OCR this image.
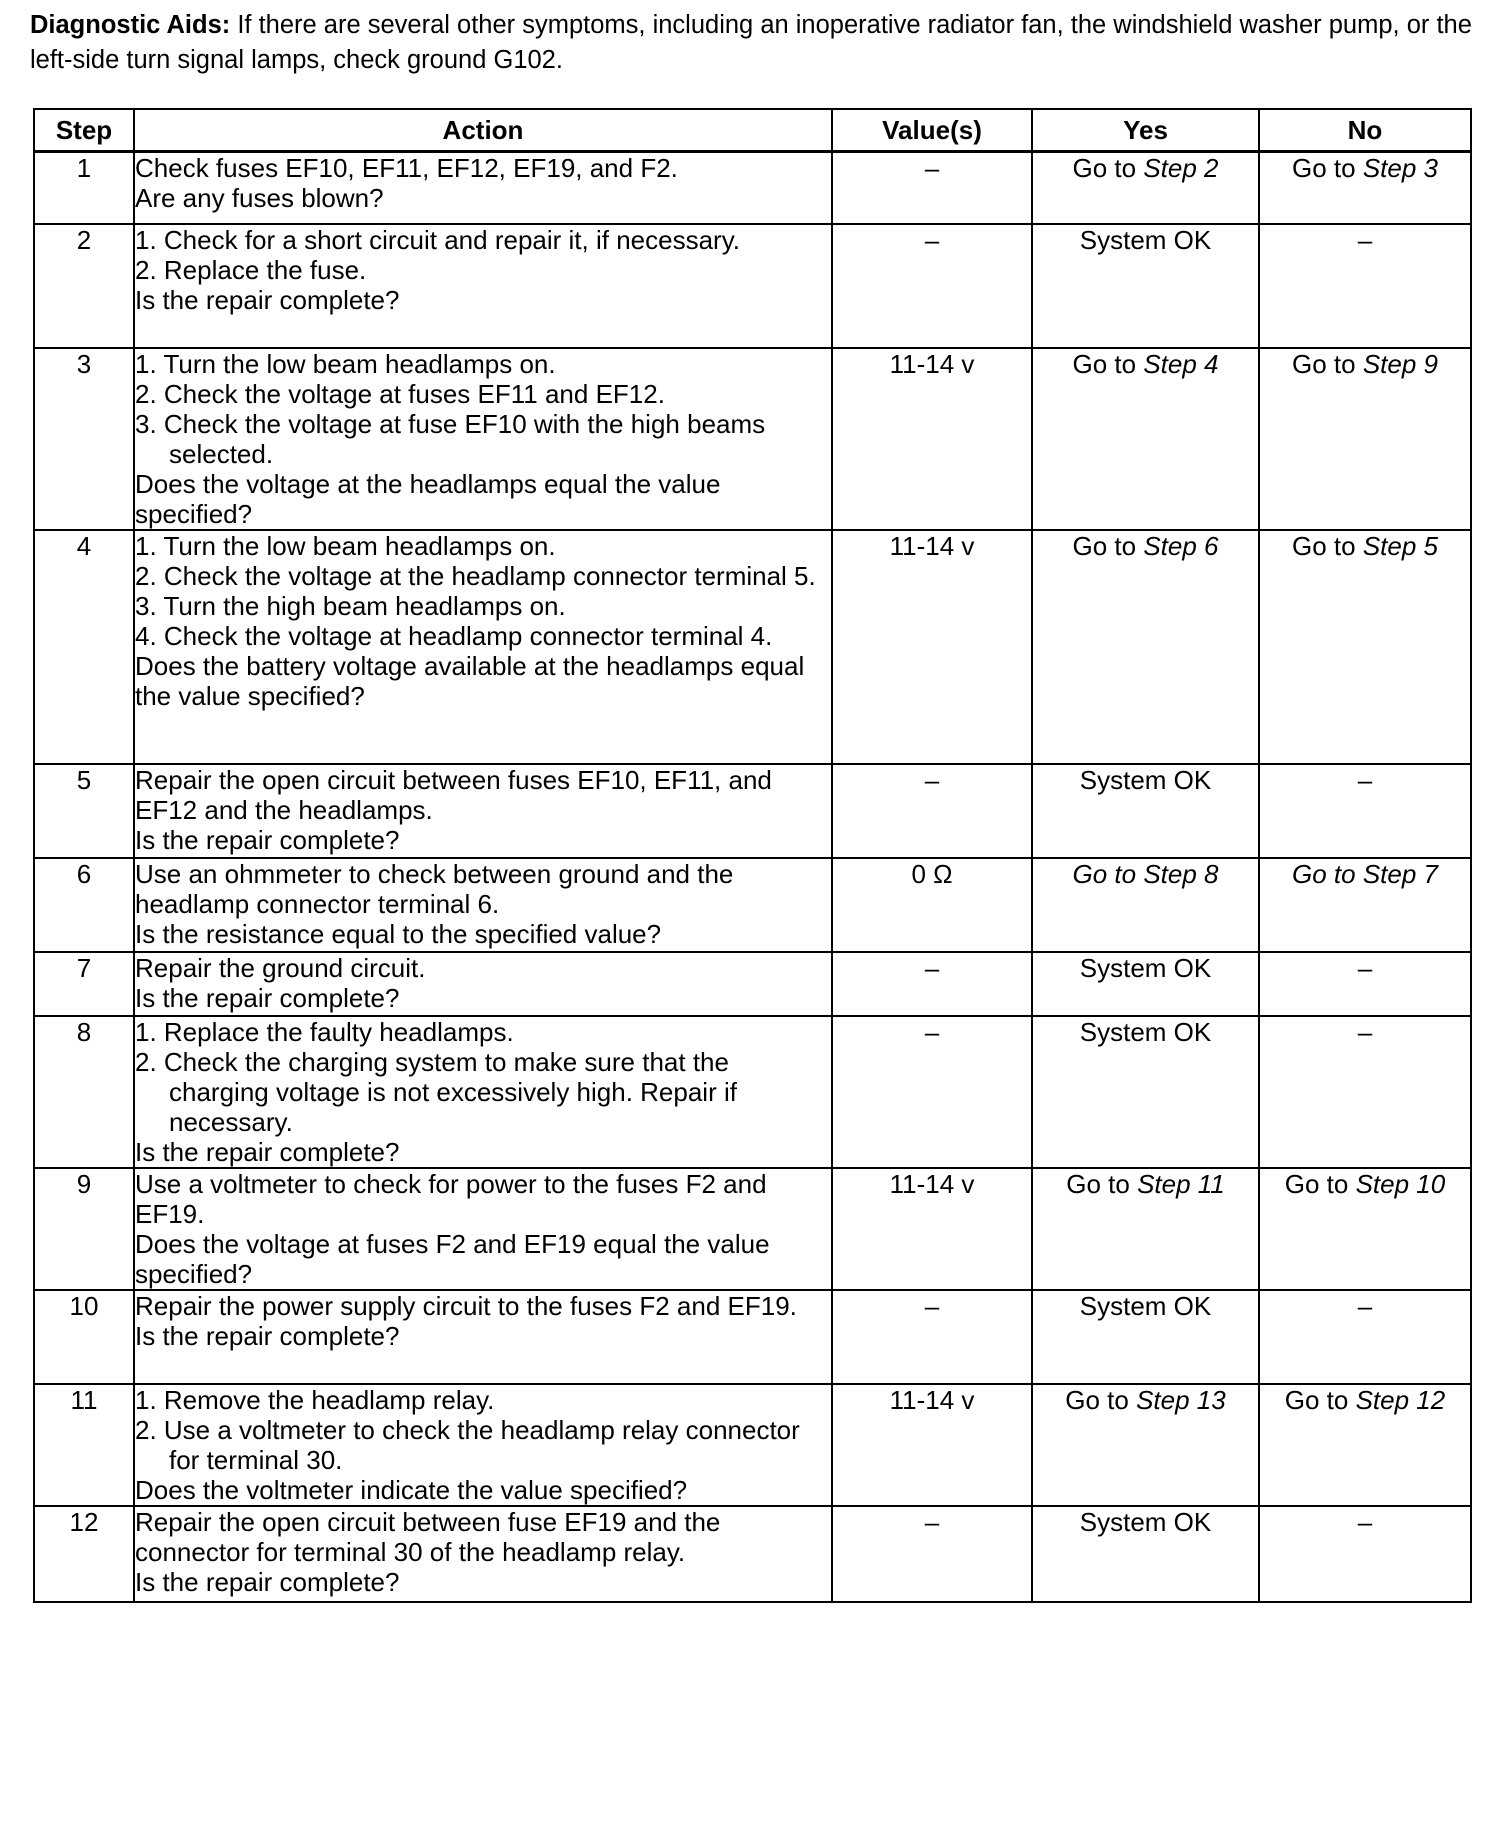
Diagnostic Aids: If there are several other symptoms, including an inoperative radiator fan, the windshield washer pump, or the left-side turn signal lamps, check ground G102.
Step	Action	Value(s)	Yes	No
1	Check fuses EF10, EF11, EF12, EF19, and F2.
Are any fuses blown?	–	Go to Step 2	Go to Step 3
2	1. Check for a short circuit and repair it, if necessary.
2. Replace the fuse.
Is the repair complete?	–	System OK	–
3	1. Turn the low beam headlamps on.
2. Check the voltage at fuses EF11 and EF12.
3. Check the voltage at fuse EF10 with the high beams selected.
Does the voltage at the headlamps equal the value specified?	11-14 v	Go to Step 4	Go to Step 9
4	1. Turn the low beam headlamps on.
2. Check the voltage at the headlamp connector terminal 5.
3. Turn the high beam headlamps on.
4. Check the voltage at headlamp connector terminal 4.
Does the battery voltage available at the headlamps equal the value specified?	11-14 v	Go to Step 6	Go to Step 5
5	Repair the open circuit between fuses EF10, EF11, and EF12 and the headlamps.
Is the repair complete?	–	System OK	–
6	Use an ohmmeter to check between ground and the headlamp connector terminal 6.
Is the resistance equal to the specified value?	0 Ω	Go to Step 8	Go to Step 7
7	Repair the ground circuit.
Is the repair complete?	–	System OK	–
8	1. Replace the faulty headlamps.
2. Check the charging system to make sure that the charging voltage is not excessively high. Repair if necessary.
Is the repair complete?	–	System OK	–
9	Use a voltmeter to check for power to the fuses F2 and EF19.
Does the voltage at fuses F2 and EF19 equal the value specified?	11-14 v	Go to Step 11	Go to Step 10
10	Repair the power supply circuit to the fuses F2 and EF19.
Is the repair complete?	–	System OK	–
11	1. Remove the headlamp relay.
2. Use a voltmeter to check the headlamp relay connector for terminal 30.
Does the voltmeter indicate the value specified?	11-14 v	Go to Step 13	Go to Step 12
12	Repair the open circuit between fuse EF19 and the connector for terminal 30 of the headlamp relay.
Is the repair complete?	–	System OK	–
